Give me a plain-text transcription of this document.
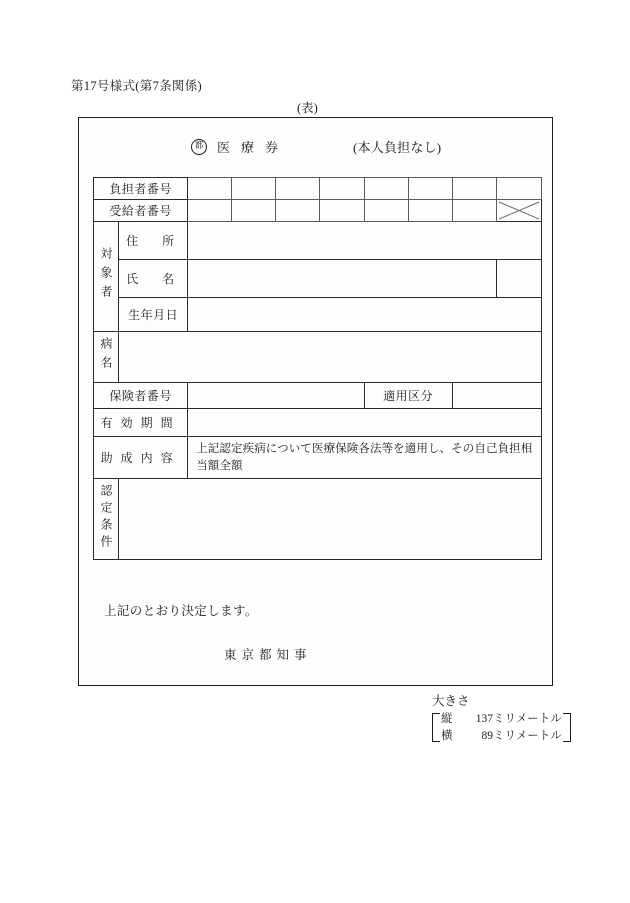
第17号様式(第7条関係)
(表)
都 医療券	(本人負担なし)
負担者番号									
受給者番号								

対象者	住　所								
	氏　名								
	生年月日								
病名									
保険者番号						適用区分			
有効期間									
助成内容		上記認定疾病について医療保険各法等を適用し、その自己負担相当額全額							

認定条件									
上記のとおり決定します。
東京都知事
大きさ
縦 137ミリメートル
横	89ミリメートル
